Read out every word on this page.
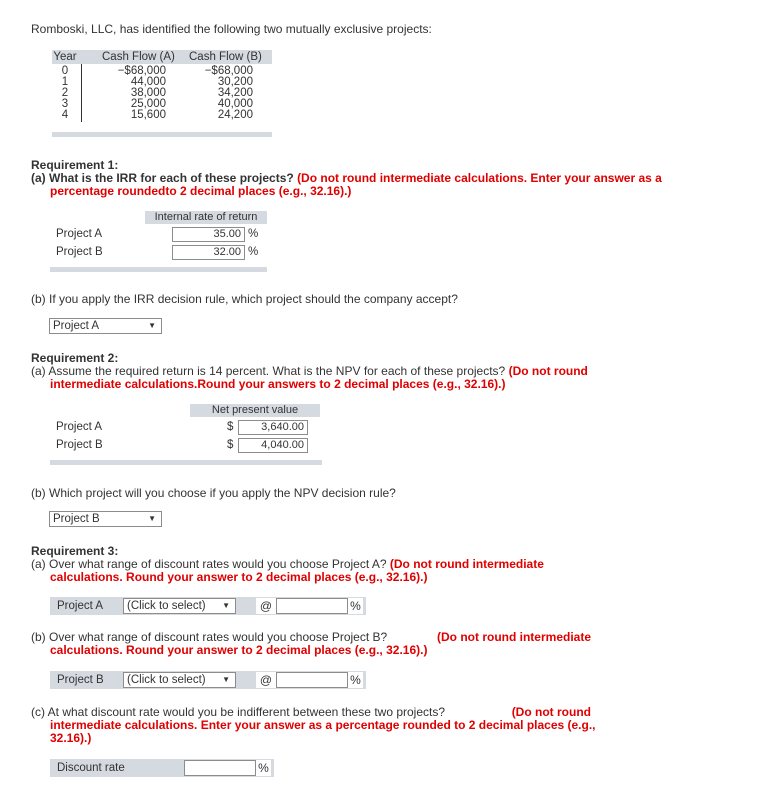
Romboski, LLC, has identified the following two mutually exclusive projects:
Year Cash Flow (A) Cash Flow (B)
0	−$68,000	−$68,000
1	44,000	30,200
2	38,000	34,200
3	25,000	40,000
4	15,600	24,200
Requirement 1:
(a) What is the IRR for each of these projects? (Do not round intermediate calculations. Enter your answer as a
percentage roundedto 2 decimal places (e.g., 32.16).)
Internal rate of return
Project A	35.00 %
Project B	32.00 %
(b) If you apply the IRR decision rule, which project should the company accept?
Project A	▼
Requirement 2:
(a) Assume the required return is 14 percent. What is the NPV for each of these projects? (Do not round
intermediate calculations.Round your answers to 2 decimal places (e.g., 32.16).)
Net present value
Project A	$	3,640.00
Project B	$	4,040.00
(b) Which project will you choose if you apply the NPV decision rule?
Project B	▼
Requirement 3:
(a) Over what range of discount rates would you choose Project A? (Do not round intermediate
calculations. Round your answer to 2 decimal places (e.g., 32.16).)
Project A	(Click to select) ▼	@	%
(b) Over what range of discount rates would you choose Project B?	(Do not round intermediate
calculations. Round your answer to 2 decimal places (e.g., 32.16).)
Project B	(Click to select) ▼	@	%
(c) At what discount rate would you be indifferent between these two projects?	(Do not round
intermediate calculations. Enter your answer as a percentage rounded to 2 decimal places (e.g.,
32.16).)
Discount rate	%
